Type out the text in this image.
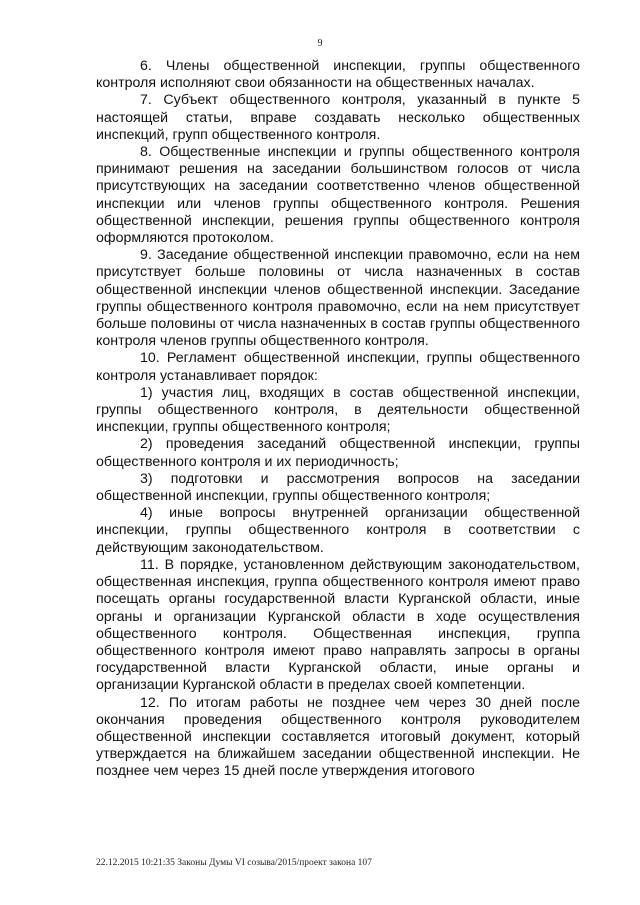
9

6. Члены общественной инспекции, группы общественного контроля исполняют свои обязанности на общественных началах.

7. Субъект общественного контроля, указанный в пункте 5 настоящей статьи, вправе создавать несколько общественных инспекций, групп общественного контроля.

8. Общественные инспекции и группы общественного контроля принимают решения на заседании большинством голосов от числа присутствующих на заседании соответственно членов общественной инспекции или членов группы общественного контроля. Решения общественной инспекции, решения группы общественного контроля оформляются протоколом.

9. Заседание общественной инспекции правомочно, если на нем присутствует больше половины от числа назначенных в состав общественной инспекции членов общественной инспекции. Заседание группы общественного контроля правомочно, если на нем присутствует больше половины от числа назначенных в состав группы общественного контроля членов группы общественного контроля.

10. Регламент общественной инспекции, группы общественного контроля устанавливает порядок:

1) участия лиц, входящих в состав общественной инспекции, группы общественного контроля, в деятельности общественной инспекции, группы общественного контроля;

2) проведения заседаний общественной инспекции, группы общественного контроля и их периодичность;

3) подготовки и рассмотрения вопросов на заседании общественной инспекции, группы общественного контроля;

4) иные вопросы внутренней организации общественной инспекции, группы общественного контроля в соответствии с действующим законодательством.

11. В порядке, установленном действующим законодательством, общественная инспекция, группа общественного контроля имеют право посещать органы государственной власти Курганской области, иные органы и организации Курганской области в ходе осуществления общественного контроля. Общественная инспекция, группа общественного контроля имеют право направлять запросы в органы государственной власти Курганской области, иные органы и организации Курганской области в пределах своей компетенции.

12. По итогам работы не позднее чем через 30 дней после окончания проведения общественного контроля руководителем общественной инспекции составляется итоговый документ, который утверждается на ближайшем заседании общественной инспекции. Не позднее чем через 15 дней после утверждения итогового

22.12.2015 10:21:35 Законы Думы VI созыва/2015/проект закона 107
